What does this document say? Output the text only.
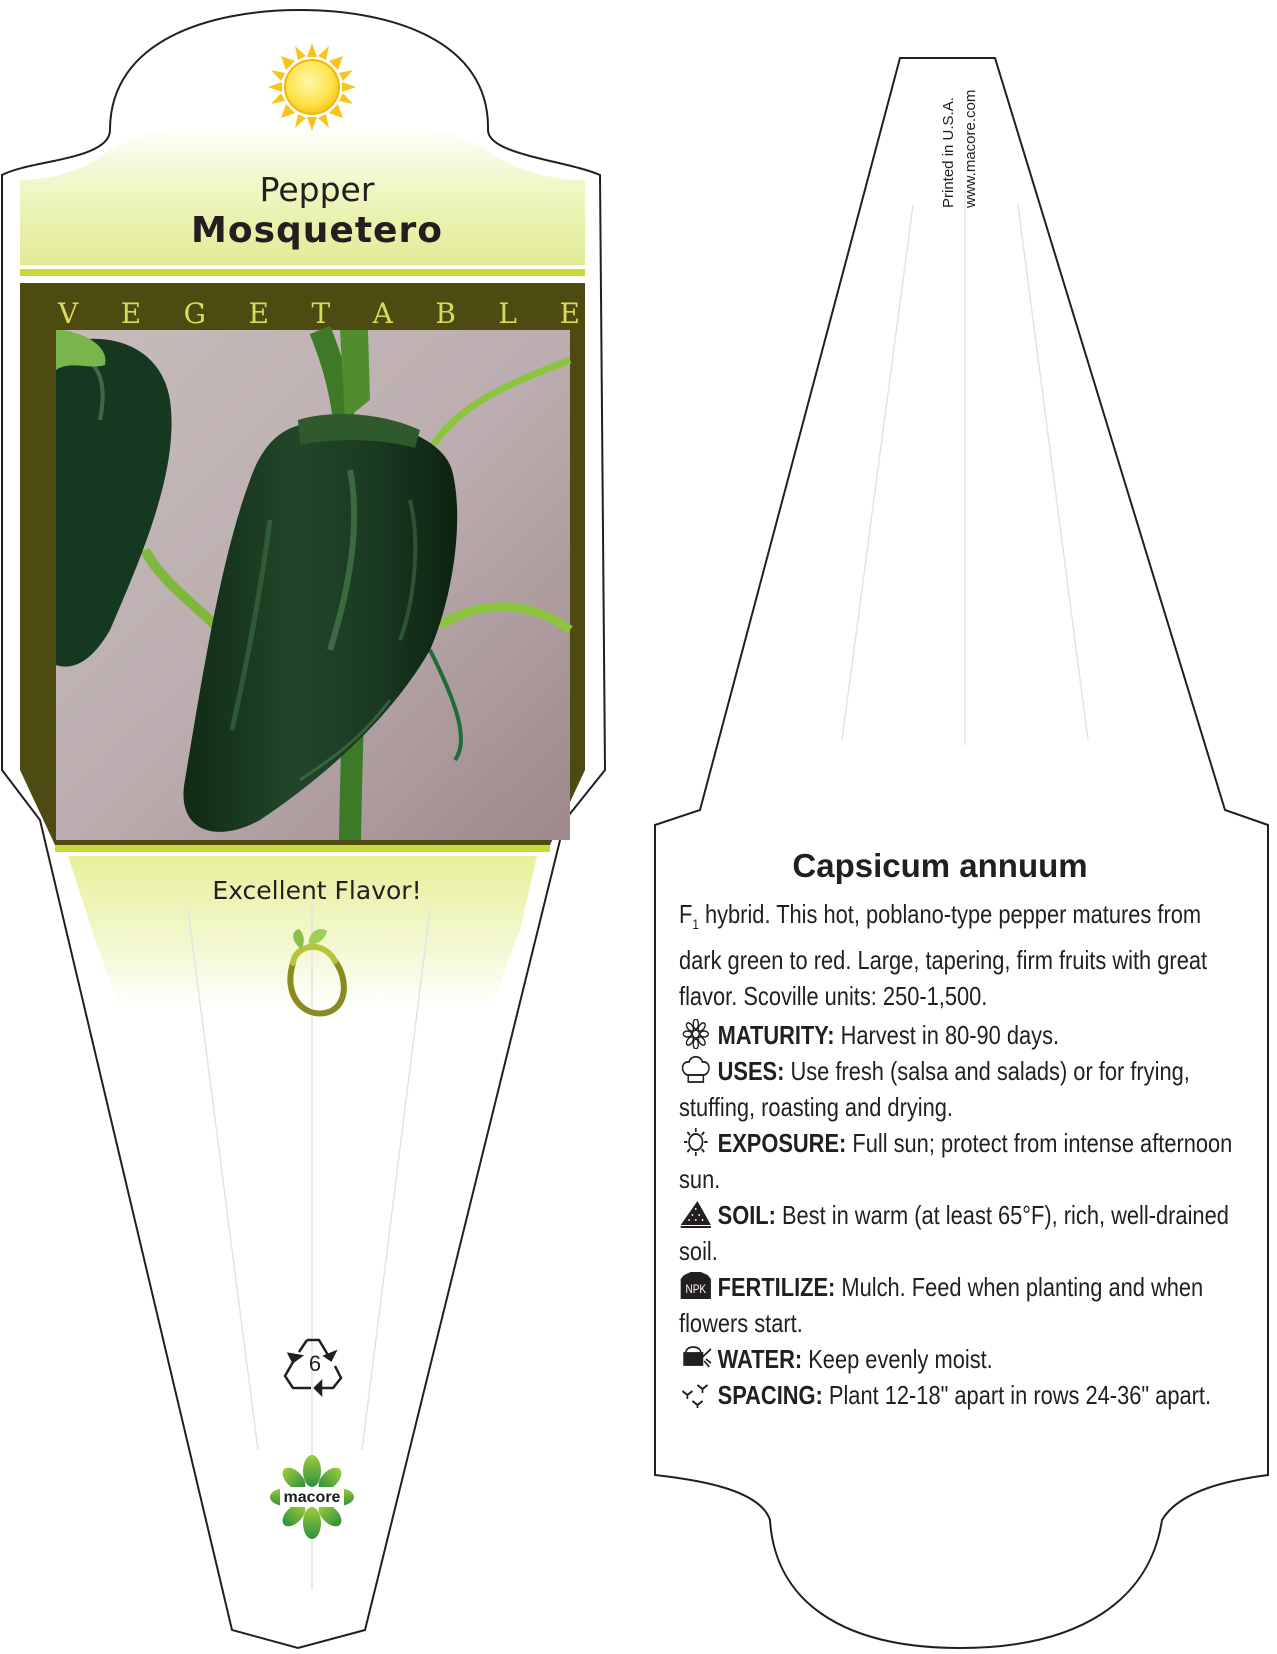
Pepper
Mosquetero
V E G E T A B L E
Excellent Flavor!
6
macore
Printed in U.S.A. www.macore.com
Capsicum annuum
$F_1$ hybrid. This hot, poblano-type pepper matures from dark green to red. Large, tapering, firm fruits with great flavor. Scoville units: 250-1,500.
MATURITY: Harvest in 80-90 days.
USES: Use fresh (salsa and salads) or for frying, stuffing, roasting and drying.
EXPOSURE: Full sun; protect from intense afternoon sun.
SOIL: Best in warm (at least 65°F), rich, well-drained soil.
NPK FERTILIZE: Mulch. Feed when planting and when flowers start.
WATER: Keep evenly moist.
SPACING: Plant 12-18" apart in rows 24-36" apart.
